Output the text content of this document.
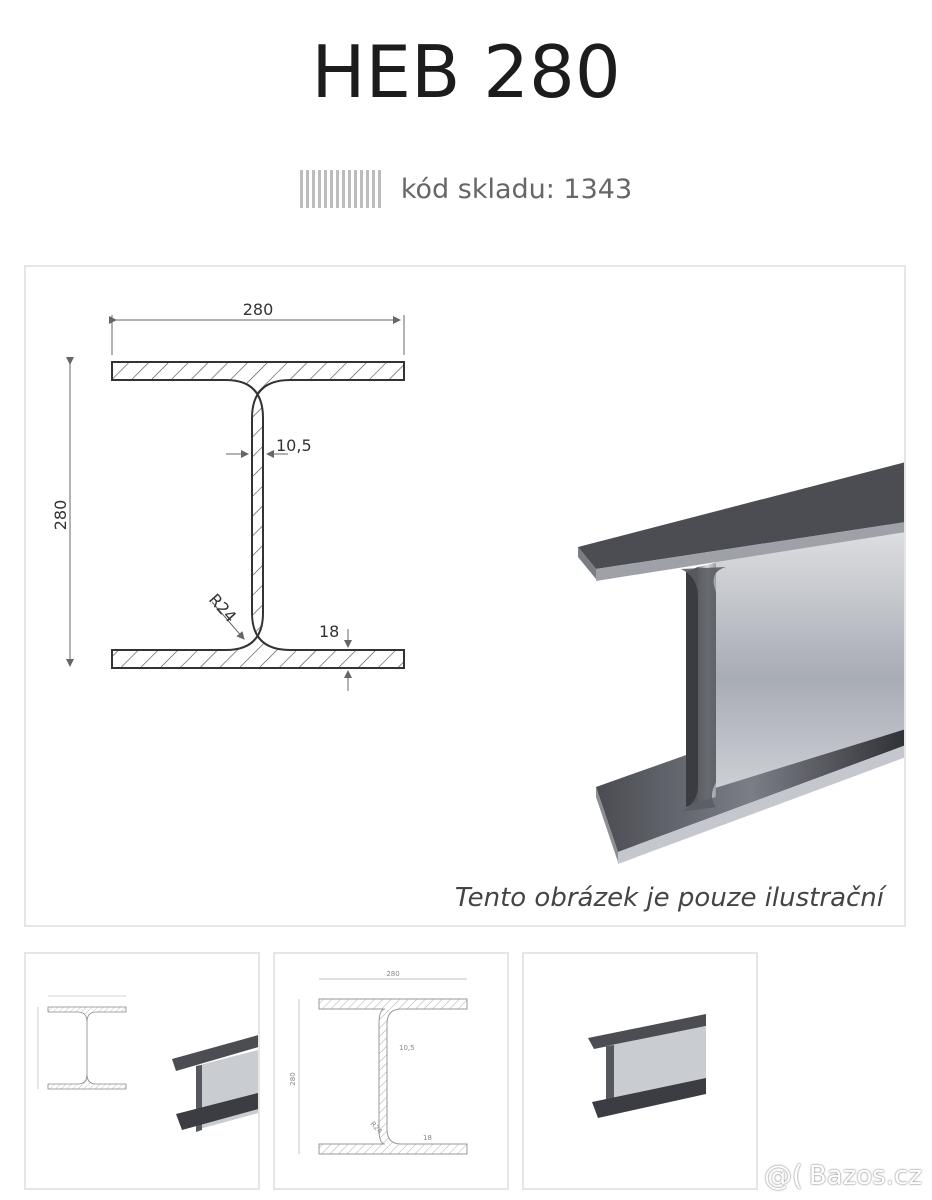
HEB 280
kód skladu: 1343
280
280
10,5
R24
18
Tento obrázek je pouze ilustrační
280
280
10,5
R24
18
@( Bazos.cz
